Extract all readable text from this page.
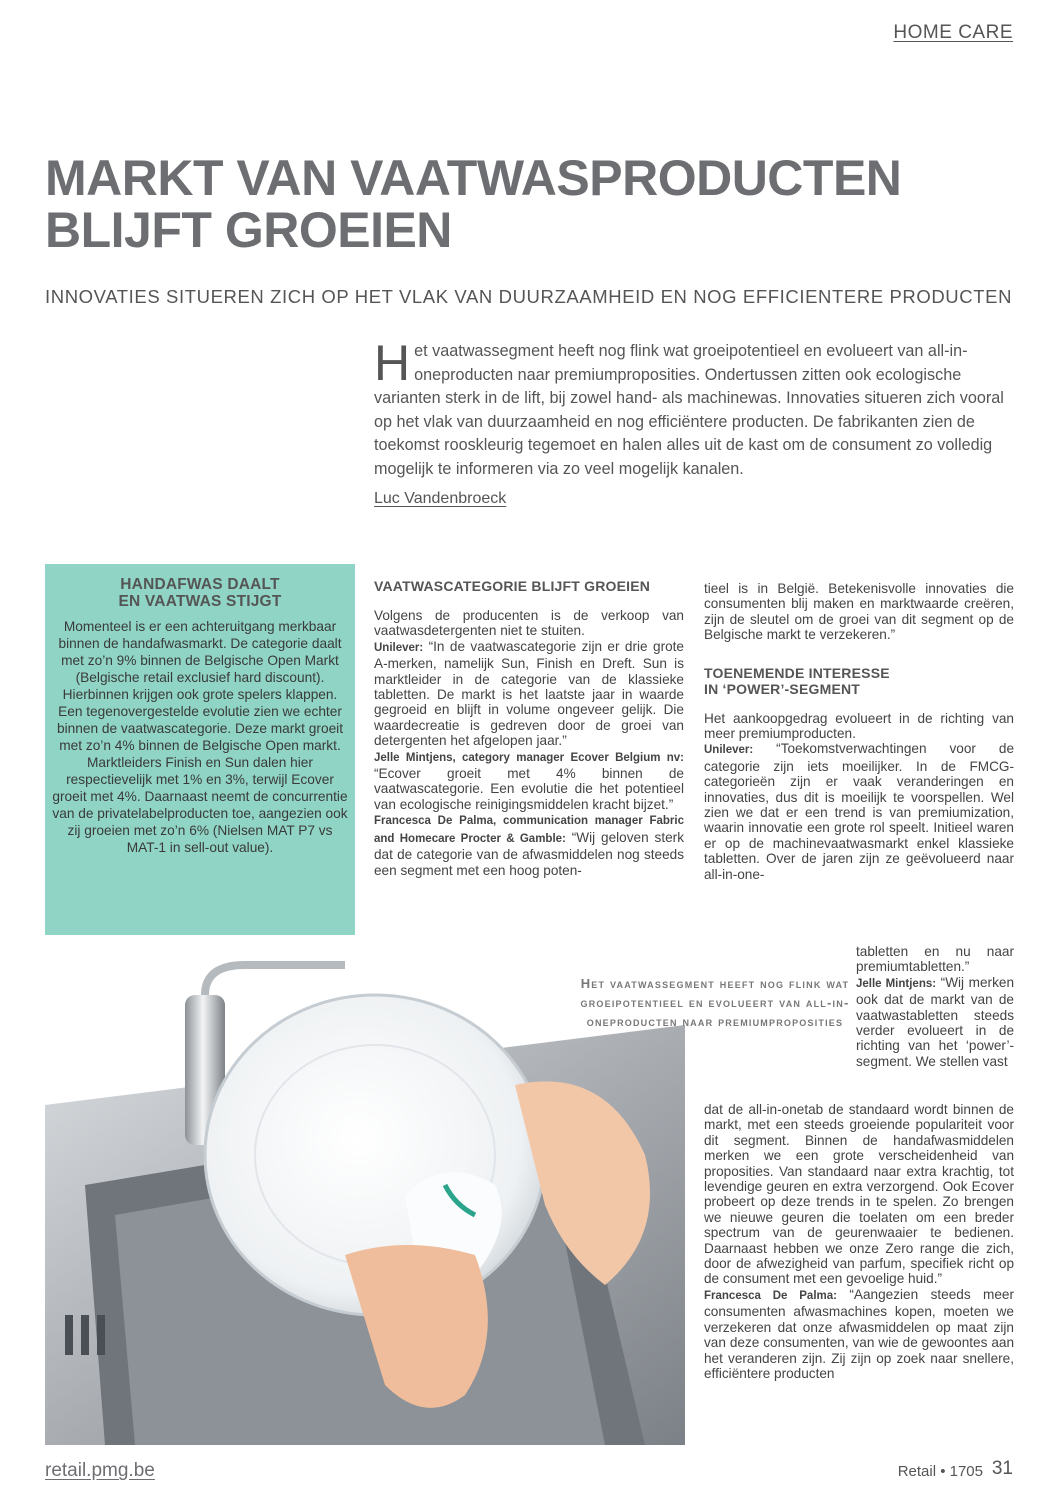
HOME CARE
MARKT VAN VAATWASPRODUCTEN
BLIJFT GROEIEN
INNOVATIES SITUEREN ZICH OP HET VLAK VAN DUURZAAMHEID EN NOG EFFICIENTERE PRODUCTEN
H et vaatwassegment heeft nog flink wat groeipotentieel en evolueert van all-in-oneproducten naar premiumproposities. Ondertussen zitten ook ecologische varianten sterk in de lift, bij zowel hand- als machinewas. Innovaties situeren zich vooral op het vlak van duurzaamheid en nog efficiëntere producten. De fabrikanten zien de toekomst rooskleurig tegemoet en halen alles uit de kast om de consument zo volledig mogelijk te informeren via zo veel mogelijk kanalen.
Luc Vandenbroeck
HANDAFWAS DAALT
EN VAATWAS STIJGT
Momenteel is er een achteruitgang merkbaar binnen de handafwasmarkt. De categorie daalt met zo’n 9% binnen de Belgische Open Markt (Belgische retail exclusief hard discount). Hierbinnen krijgen ook grote spelers klappen. Een tegenovergestelde evolutie zien we echter binnen de vaatwascategorie. Deze markt groeit met zo’n 4% binnen de Belgische Open markt. Marktleiders Finish en Sun dalen hier respectievelijk met 1% en 3%, terwijl Ecover groeit met 4%. Daarnaast neemt de concurrentie van de privatelabelproducten toe, aangezien ook zij groeien met zo’n 6% (Nielsen MAT P7 vs MAT-1 in sell-out value).

VAATWASCATEGORIE BLIJFT GROEIEN

Volgens de producenten is de verkoop van vaatwasdetergenten niet te stuiten.

Unilever: “In de vaatwascategorie zijn er drie grote A-merken, namelijk Sun, Finish en Dreft. Sun is marktleider in de categorie van de klassieke tabletten. De markt is het laatste jaar in waarde gegroeid en blijft in volume ongeveer gelijk. Die waardecreatie is gedreven door de groei van detergenten het afgelopen jaar.”

Jelle Mintjens, category manager Ecover Belgium nv: “Ecover groeit met 4% binnen de vaatwascategorie. Een evolutie die het potentieel van ecologische reinigingsmiddelen kracht bijzet.”

Francesca De Palma, communication manager Fabric and Homecare Procter & Gamble: “Wij geloven sterk dat de categorie van de afwasmiddelen nog steeds een segment met een hoog poten-

tieel is in België. Betekenisvolle innovaties die consumenten blij maken en marktwaarde creëren, zijn de sleutel om de groei van dit segment op de Belgische markt te verzekeren.”

TOENEMENDE INTERESSE
IN ‘POWER’-SEGMENT

Het aankoopgedrag evolueert in de richting van meer premiumproducten.

Unilever: “Toekomstverwachtingen voor de categorie zijn iets moeilijker. In de FMCG-categorieën zijn er vaak veranderingen en innovaties, dus dit is moeilijk te voorspellen. Wel zien we dat er een trend is van premiumization, waarin innovatie een grote rol speelt. Initieel waren er op de machinevaatwasmarkt enkel klassieke tabletten. Over de jaren zijn ze geëvolueerd naar all-in-one-

tabletten en nu naar premiumtabletten.”

Jelle Mintjens: “Wij merken ook dat de markt van de vaatwastabletten steeds verder evolueert in de richting van het ‘power’-segment. We stellen vast

dat de all-in-onetab de standaard wordt binnen de markt, met een steeds groeiende populariteit voor dit segment. Binnen de handafwasmiddelen merken we een grote verscheidenheid van proposities. Van standaard naar extra krachtig, tot levendige geuren en extra verzorgend. Ook Ecover probeert op deze trends in te spelen. Zo brengen we nieuwe geuren die toelaten om een breder spectrum van de geurenwaaier te bedienen. Daarnaast hebben we onze Zero range die zich, door de afwezigheid van parfum, specifiek richt op de consument met een gevoelige huid.”

Francesca De Palma: “Aangezien steeds meer consumenten afwasmachines kopen, moeten we verzekeren dat onze afwasmiddelen op maat zijn van deze consumenten, van wie de gewoontes aan het veranderen zijn. Zij zijn op zoek naar snellere, efficiëntere producten

Het vaatwassegment heeft nog flink wat groeipotentieel en evolueert van all-in-oneproducten naar premiumproposities
retail.pmg.be	Retail • 1705 31
